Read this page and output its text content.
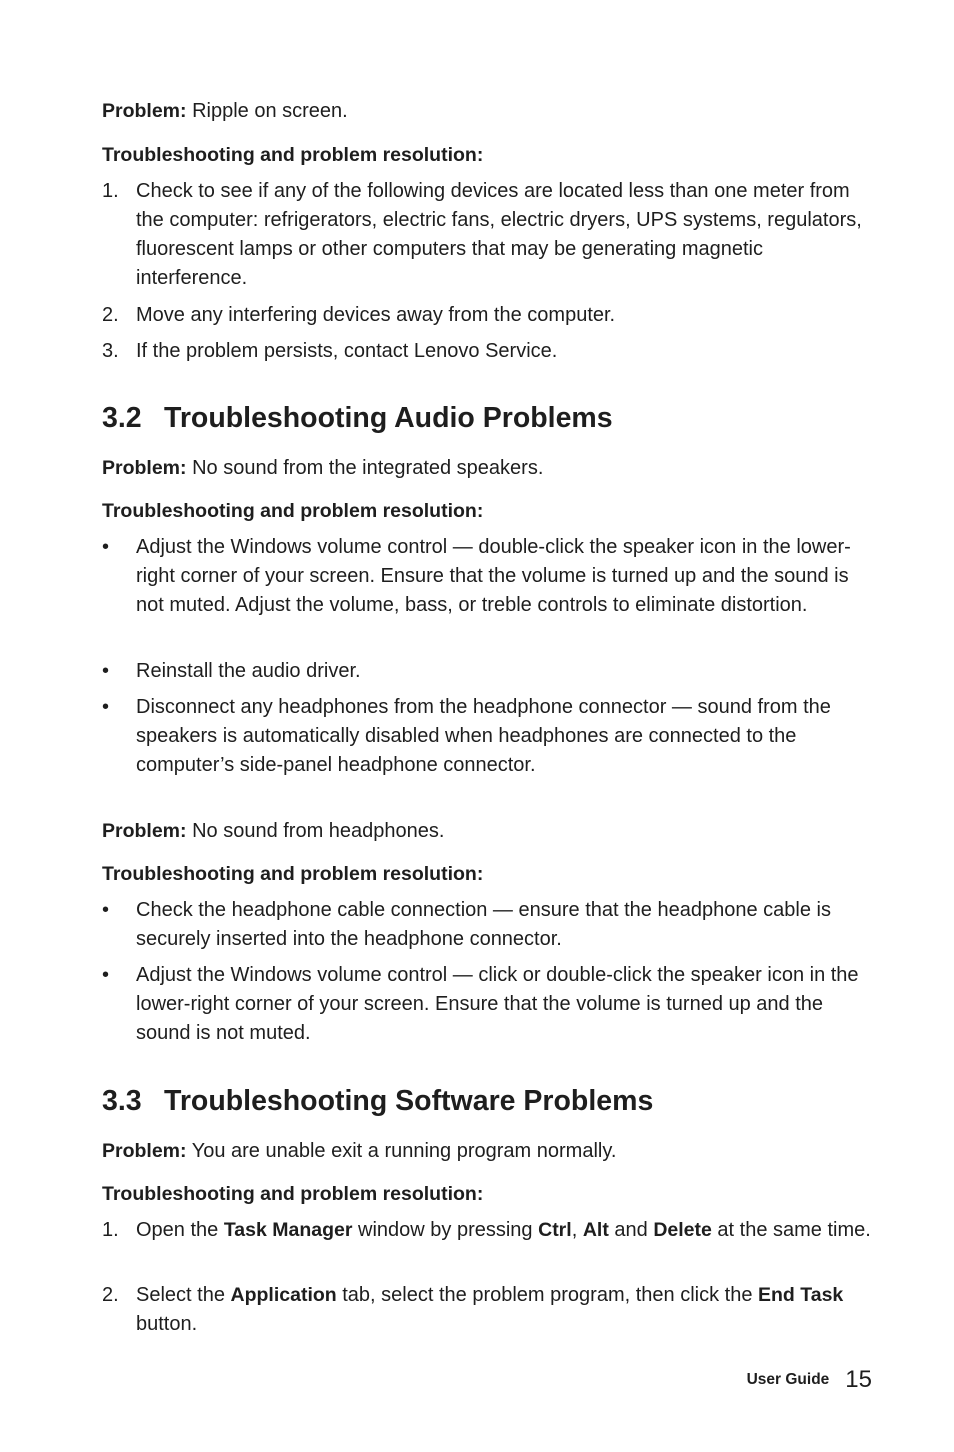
Problem: Ripple on screen.
Troubleshooting and problem resolution:
1. Check to see if any of the following devices are located less than one meter from the computer: refrigerators, electric fans, electric dryers, UPS systems, regulators, fluorescent lamps or other computers that may be generating magnetic interference.
2. Move any interfering devices away from the computer.
3. If the problem persists, contact Lenovo Service.
3.2 Troubleshooting Audio Problems
Problem: No sound from the integrated speakers.
Troubleshooting and problem resolution:
•	Adjust the Windows volume control — double-click the speaker icon in the lower-right corner of your screen. Ensure that the volume is turned up and the sound is not muted. Adjust the volume, bass, or treble controls to eliminate distortion.
•	Reinstall the audio driver.
•	Disconnect any headphones from the headphone connector — sound from the speakers is automatically disabled when headphones are connected to the computer’s side-panel headphone connector.
Problem: No sound from headphones.
Troubleshooting and problem resolution:
•	Check the headphone cable connection — ensure that the headphone cable is securely inserted into the headphone connector.
•	Adjust the Windows volume control — click or double-click the speaker icon in the lower-right corner of your screen. Ensure that the volume is turned up and the sound is not muted.
3.3 Troubleshooting Software Problems
Problem: You are unable exit a running program normally.
Troubleshooting and problem resolution:
1. Open the Task Manager window by pressing Ctrl, Alt and Delete at the same time.
2. Select the Application tab, select the problem program, then click the End Task button.
User Guide 15
